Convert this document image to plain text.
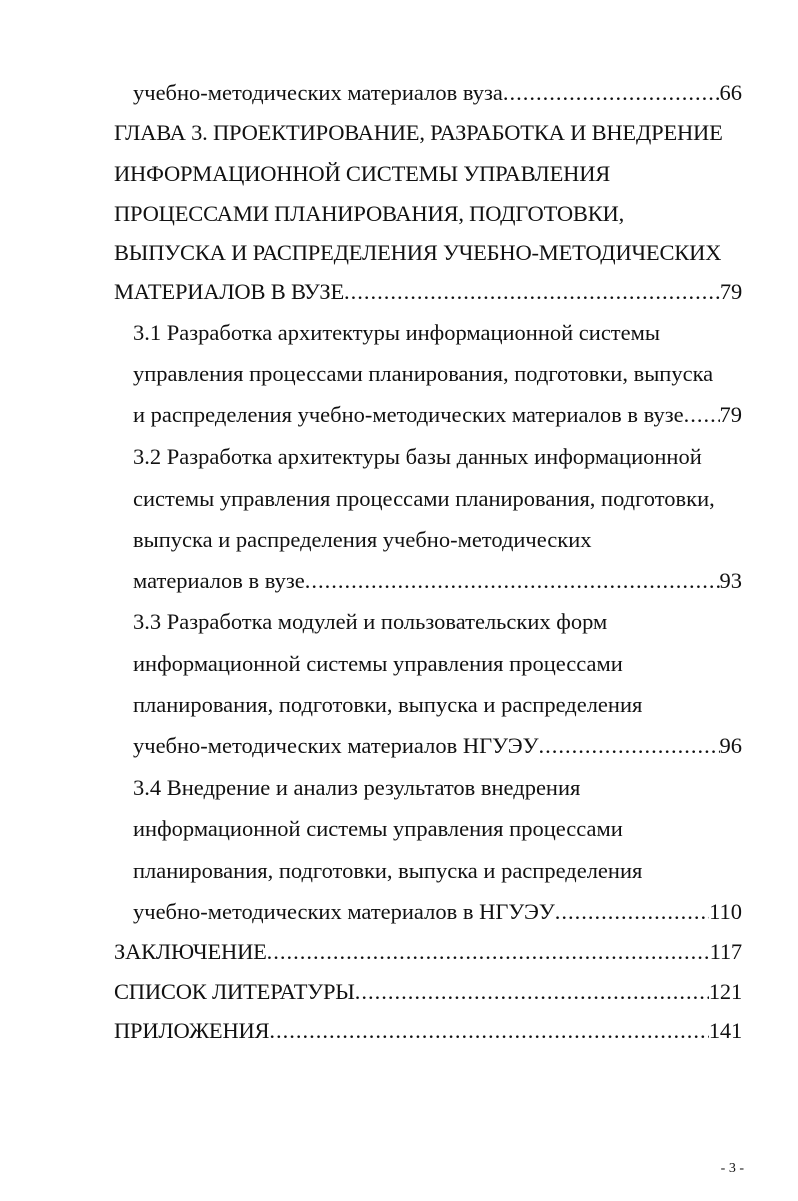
учебно-методических материалов вуза .....	66
ГЛАВА 3. ПРОЕКТИРОВАНИЕ, РАЗРАБОТКА И ВНЕДРЕНИЕ
ИНФОРМАЦИОННОЙ СИСТЕМЫ УПРАВЛЕНИЯ
ПРОЦЕССАМИ ПЛАНИРОВАНИЯ, ПОДГОТОВКИ,
ВЫПУСКА И РАСПРЕДЕЛЕНИЯ УЧЕБНО-МЕТОДИЧЕСКИХ
МАТЕРИАЛОВ В ВУЗЕ .....	79
3.1 Разработка архитектуры информационной системы
управления процессами планирования, подготовки, выпуска
и распределения учебно-методических материалов в вузе ..... 79
3.2 Разработка архитектуры базы данных информационной
системы управления процессами планирования, подготовки,
выпуска и распределения учебно-методических
материалов в вузе .....	93
3.3 Разработка модулей и пользовательских форм
информационной системы управления процессами
планирования, подготовки, выпуска и распределения
учебно-методических материалов НГУЭУ .....	96
3.4 Внедрение и анализ результатов внедрения
информационной системы управления процессами
планирования, подготовки, выпуска и распределения
учебно-методических материалов в НГУЭУ .....	110
ЗАКЛЮЧЕНИЕ .....	117
СПИСОК ЛИТЕРАТУРЫ .....	121
ПРИЛОЖЕНИЯ .....	141
- 3 -
